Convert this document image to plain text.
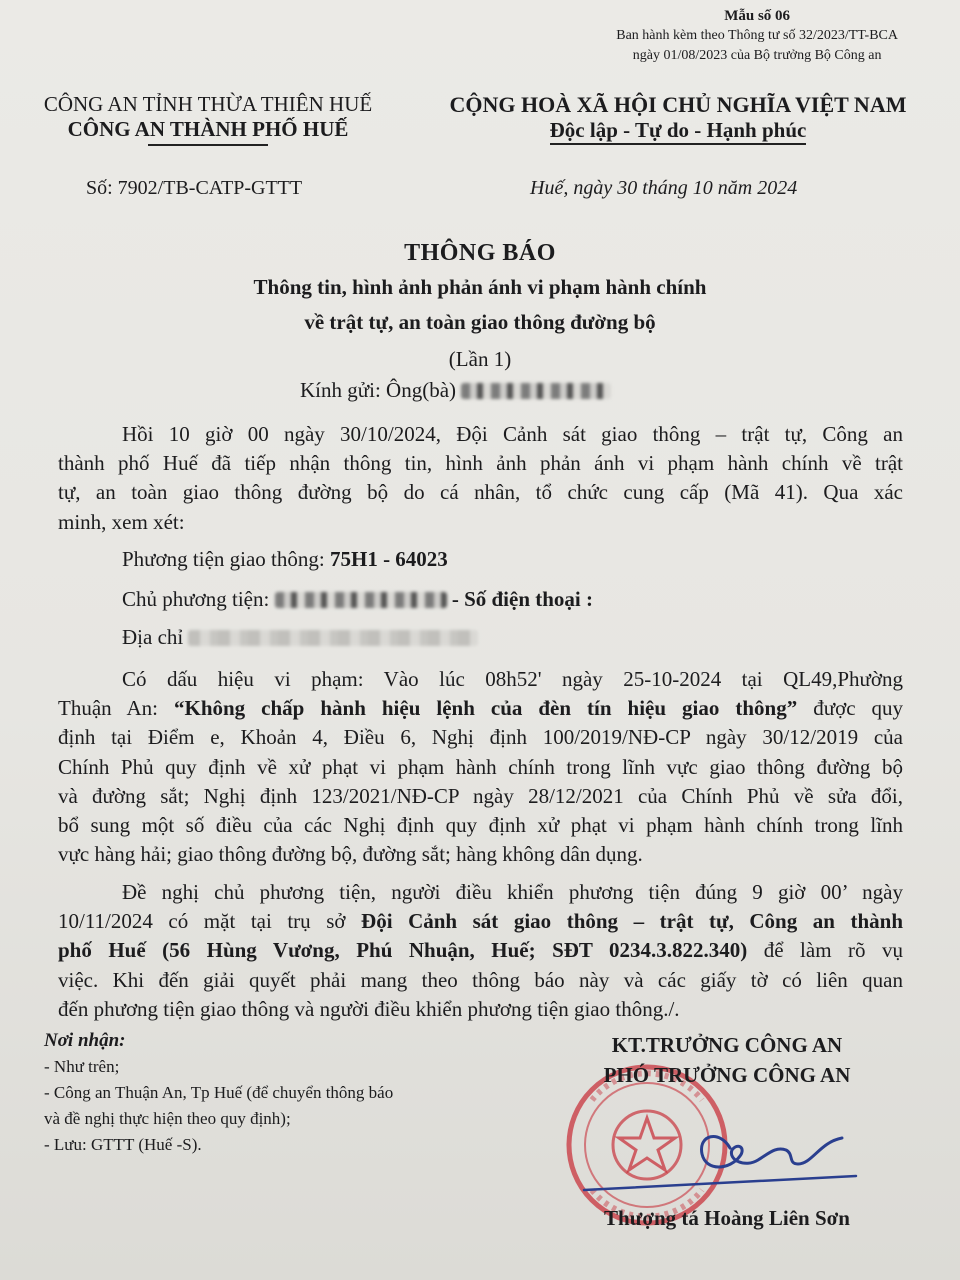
Mẫu số 06
Ban hành kèm theo Thông tư số 32/2023/TT-BCA
ngày 01/08/2023 của Bộ trưởng Bộ Công an
CÔNG AN TỈNH THỪA THIÊN HUẾ
CÔNG AN THÀNH PHỐ HUẾ
CỘNG HOÀ XÃ HỘI CHỦ NGHĨA VIỆT NAM
Độc lập - Tự do - Hạnh phúc
Số: 7902/TB-CATP-GTTT	Huế, ngày 30 tháng 10 năm 2024
THÔNG BÁO
Thông tin, hình ảnh phản ánh vi phạm hành chính
về trật tự, an toàn giao thông đường bộ
(Lần 1)
Kính gửi: Ông(bà)
Hồi 10 giờ 00 ngày 30/10/2024, Đội Cảnh sát giao thông – trật tự, Công an
thành phố Huế đã tiếp nhận thông tin, hình ảnh phản ánh vi phạm hành chính về trật
tự, an toàn giao thông đường bộ do cá nhân, tổ chức cung cấp (Mã 41). Qua xác
minh, xem xét:
Phương tiện giao thông: 75H1 - 64023
Chủ phương tiện:	- Số điện thoại :
Địa chỉ
Có dấu hiệu vi phạm: Vào lúc 08h52' ngày 25-10-2024 tại QL49,Phường
Thuận An: “Không chấp hành hiệu lệnh của đèn tín hiệu giao thông” được quy
định tại Điểm e, Khoản 4, Điều 6, Nghị định 100/2019/NĐ-CP ngày 30/12/2019 của
Chính Phủ quy định về xử phạt vi phạm hành chính trong lĩnh vực giao thông đường bộ
và đường sắt; Nghị định 123/2021/NĐ-CP ngày 28/12/2021 của Chính Phủ về sửa đổi,
bổ sung một số điều của các Nghị định quy định xử phạt vi phạm hành chính trong lĩnh
vực hàng hải; giao thông đường bộ, đường sắt; hàng không dân dụng.
Đề nghị chủ phương tiện, người điều khiển phương tiện đúng 9 giờ 00’ ngày
10/11/2024 có mặt tại trụ sở Đội Cảnh sát giao thông – trật tự, Công an thành
phố Huế (56 Hùng Vương, Phú Nhuận, Huế; SĐT 0234.3.822.340) để làm rõ vụ
việc. Khi đến giải quyết phải mang theo thông báo này và các giấy tờ có liên quan
đến phương tiện giao thông và người điều khiển phương tiện giao thông./.
Nơi nhận:
- Như trên;
- Công an Thuận An, Tp Huế (để chuyển thông báo
và đề nghị thực hiện theo quy định);
- Lưu: GTTT (Huế -S).
KT.TRƯỞNG CÔNG AN
PHÓ TRƯỞNG CÔNG AN
Thượng tá Hoàng Liên Sơn
